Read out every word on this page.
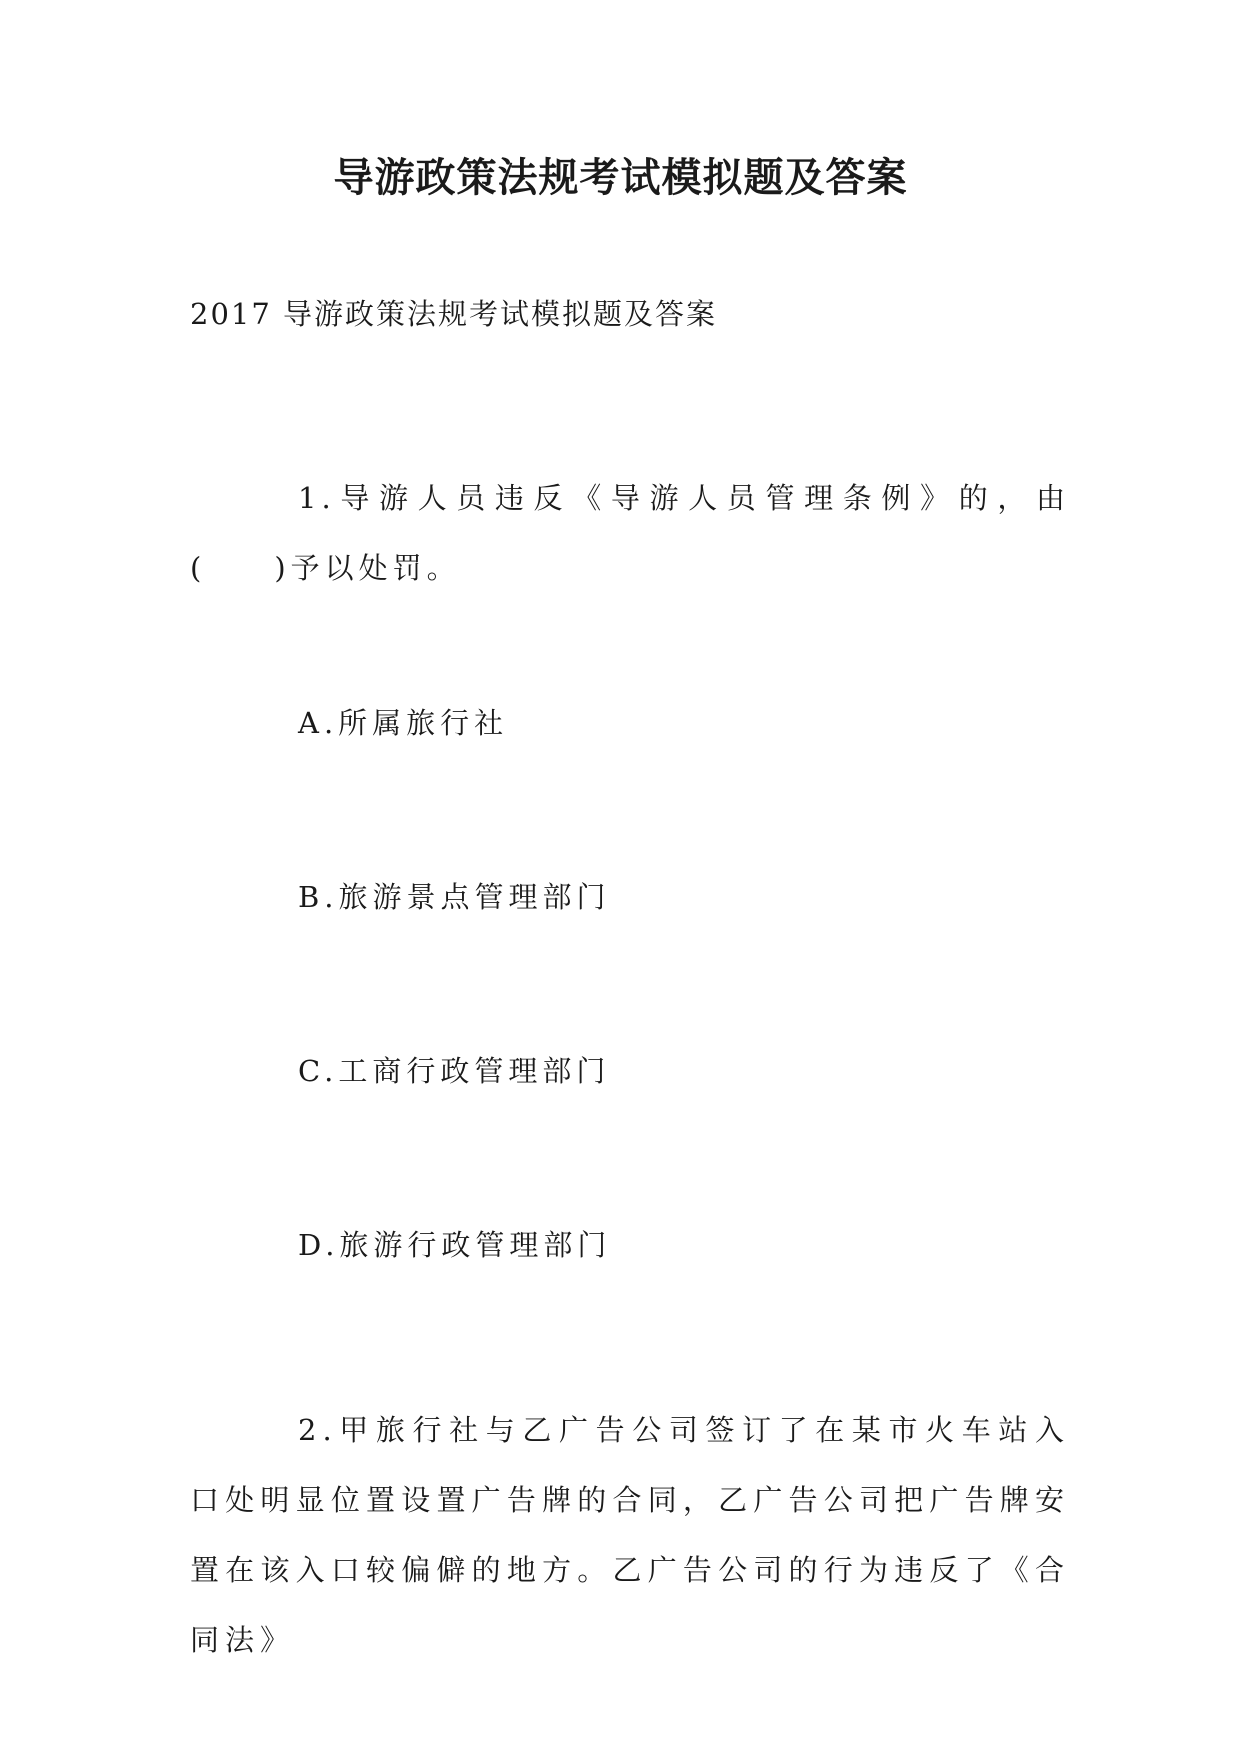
导游政策法规考试模拟题及答案

2017 导游政策法规考试模拟题及答案

1.导游人员违反《导游人员管理条例》的，由(　　)予以处罚。

A.所属旅行社

B.旅游景点管理部门

C.工商行政管理部门

D.旅游行政管理部门

2.甲旅行社与乙广告公司签订了在某市火车站入口处明显位置设置广告牌的合同，乙广告公司把广告牌安置在该入口较偏僻的地方。乙广告公司的行为违反了《合同法》
